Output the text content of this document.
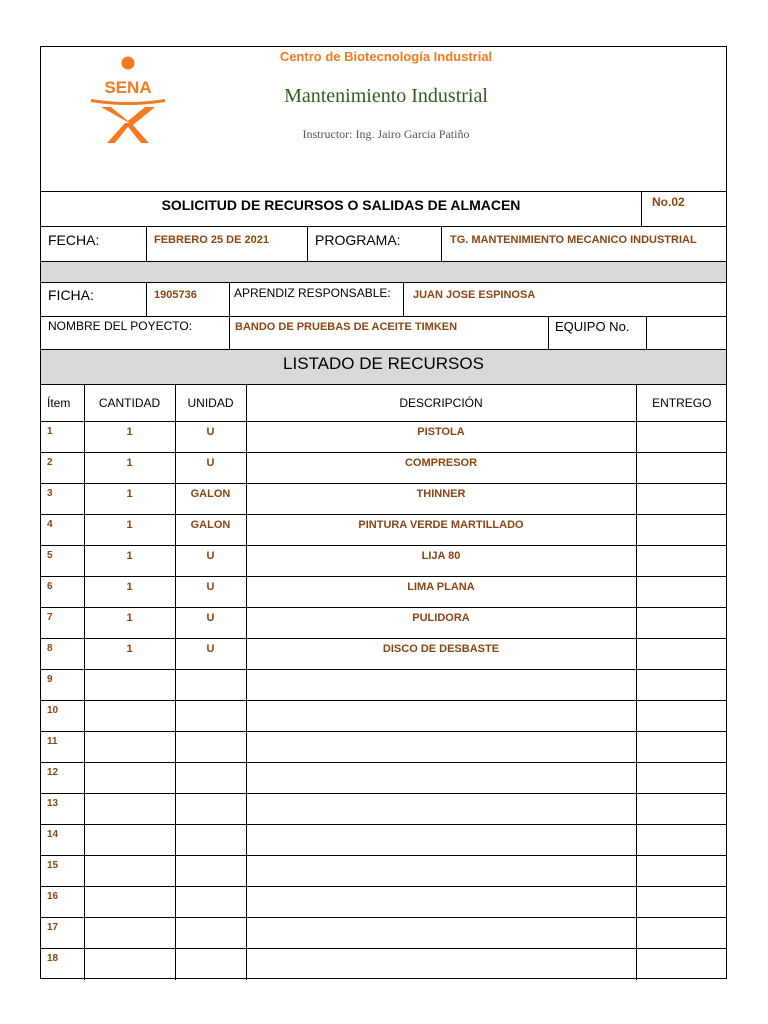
SENA
Centro de Biotecnología Industrial
Mantenimiento Industrial
Instructor: Ing. Jairo Garcia Patiño
SOLICITUD DE RECURSOS O SALIDAS DE ALMACEN	No.02
FECHA:	FEBRERO 25 DE 2021	PROGRAMA:	TG. MANTENIMIENTO MECANICO INDUSTRIAL
FICHA:	1905736	APRENDIZ RESPONSABLE: JUAN JOSE ESPINOSA
NOMBRE DEL POYECTO:	BANDO DE PRUEBAS DE ACEITE TIMKEN	EQUIPO No.
LISTADO DE RECURSOS
Ítem	CANTIDAD	UNIDAD	DESCRIPCIÓN	ENTREGO
1	1	U	PISTOLA	
2	1	U	COMPRESOR	
3	1	GALON	THINNER	
4	1	GALON	PINTURA VERDE MARTILLADO	
5	1	U	LIJA 80	
6	1	U	LIMA PLANA	
7	1	U	PULIDORA	
8	1	U	DISCO DE DESBASTE	
9				
10				
11				
12				
13				
14				
15				
16				
17				
18				
